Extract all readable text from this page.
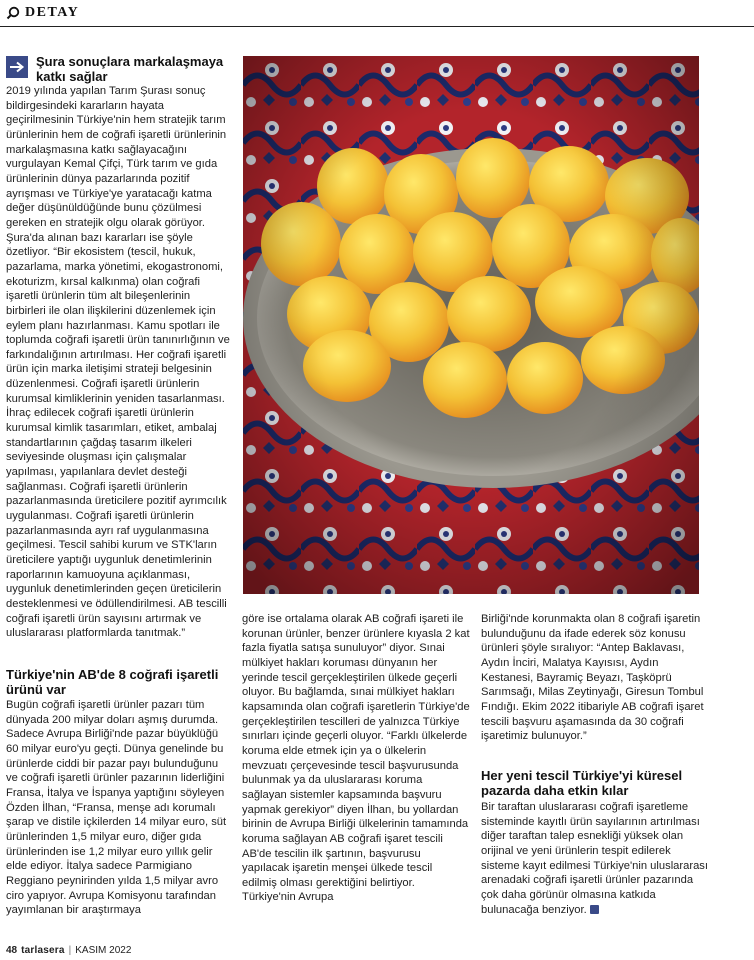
DETAY
Şura sonuçlara markalaşmaya katkı sağlar

2019 yılında yapılan Tarım Şurası sonuç bildirgesindeki kararların hayata geçirilmesinin Türkiye'nin hem stratejik tarım ürünlerinin hem de coğrafi işaretli ürünlerinin markalaşmasına katkı sağlayacağını vurgulayan Kemal Çifçi, Türk tarım ve gıda ürünlerinin dünya pazarlarında pozitif ayrışması ve Türkiye'ye yaratacağı katma değer düşünüldüğünde bunu çözülmesi gereken en stratejik olgu olarak görüyor. Şura'da alınan bazı kararları ise şöyle özetliyor. “Bir ekosistem (tescil, hukuk, pazarlama, marka yönetimi, ekogastronomi, ekoturizm, kırsal kalkınma) olan coğrafi işaretli ürünlerin tüm alt bileşenlerinin birbirleri ile olan ilişkilerini düzenlemek için eylem planı hazırlanması. Kamu spotları ile toplumda coğrafi işaretli ürün tanınırlığının ve farkındalığının artırılması. Her coğrafi işaretli ürün için marka iletişimi strateji belgesinin düzenlenmesi. Coğrafi işaretli ürünlerin kurumsal kimliklerinin yeniden tasarlanması. İhraç edilecek coğrafi işaretli ürünlerin kurumsal kimlik tasarımları, etiket, ambalaj standartlarının çağdaş tasarım ilkeleri seviyesinde oluşması için çalışmalar yapılması, yapılanlara devlet desteği sağlanması. Coğrafi işaretli ürünlerin pazarlanmasında üreticilere pozitif ayrımcılık uygulanması. Coğrafi işaretli ürünlerin pazarlanmasında ayrı raf uygulanmasına geçilmesi. Tescil sahibi kurum ve STK'ların üreticilere yaptığı uygunluk denetimlerinin raporlarının kamuoyuna açıklanması, uygunluk denetimlerinden geçen üreticilerin desteklenmesi ve ödüllendirilmesi. AB tescilli coğrafi işaretli ürün sayısını artırmak ve uluslararası platformlarda tanıtmak.”

Türkiye'nin AB'de 8 coğrafi işaretli ürünü var

Bugün coğrafi işaretli ürünler pazarı tüm dünyada 200 milyar doları aşmış durumda. Sadece Avrupa Birliği'nde pazar büyüklüğü 60 milyar euro'yu geçti. Dünya genelinde bu ürünlerde ciddi bir pazar payı bulunduğunu ve coğrafi işaretli ürünler pazarının liderliğini Fransa, İtalya ve İspanya yaptığını söyleyen Özden İlhan, “Fransa, menşe adı korumalı şarap ve distile içkilerden 14 milyar euro, süt ürünlerinden 1,5 milyar euro, diğer gıda ürünlerinden ise 1,2 milyar euro yıllık gelir elde ediyor. İtalya sadece Parmigiano Reggiano peynirinden yılda 1,5 milyar avro ciro yapıyor. Avrupa Komisyonu tarafından yayımlanan bir araştırmaya

göre ise ortalama olarak AB coğrafi işareti ile korunan ürünler, benzer ürünlere kıyasla 2 kat fazla fiyatla satışa sunuluyor” diyor. Sınai mülkiyet hakları koruması dünyanın her yerinde tescil gerçekleştirilen ülkede geçerli oluyor. Bu bağlamda, sınai mülkiyet hakları kapsamında olan coğrafi işaretlerin Türkiye'de gerçekleştirilen tescilleri de yalnızca Türkiye sınırları içinde geçerli oluyor. “Farklı ülkelerde koruma elde etmek için ya o ülkelerin mevzuatı çerçevesinde tescil başvurusunda bulunmak ya da uluslararası koruma sağlayan sistemler kapsamında başvuru yapmak gerekiyor” diyen İlhan, bu yollardan birinin de Avrupa Birliği ülkelerinin tamamında koruma sağlayan AB coğrafi işaret tescili AB'de tescilin ilk şartının, başvurusu yapılacak işaretin menşei ülkede tescil edilmiş olması gerektiğini belirtiyor. Türkiye'nin Avrupa

Birliği'nde korunmakta olan 8 coğrafi işaretin bulunduğunu da ifade ederek söz konusu ürünleri şöyle sıralıyor: “Antep Baklavası, Aydın İnciri, Malatya Kayısısı, Aydın Kestanesi, Bayramiç Beyazı, Taşköprü Sarımsağı, Milas Zeytinyağı, Giresun Tombul Fındığı. Ekim 2022 itibariyle AB coğrafi işaret tescili başvuru aşamasında da 30 coğrafi işaretimiz bulunuyor.”

Her yeni tescil Türkiye'yi küresel pazarda daha etkin kılar

Bir taraftan uluslararası coğrafi işaretleme sisteminde kayıtlı ürün sayılarının artırılması diğer taraftan talep esnekliği yüksek olan orijinal ve yeni ürünlerin tespit edilerek sisteme kayıt edilmesi Türkiye'nin uluslararası arenadaki coğrafi işaretli ürünler pazarında çok daha görünür olmasına katkıda bulunacağa benziyor.

48 tarlasera | KASIM 2022
